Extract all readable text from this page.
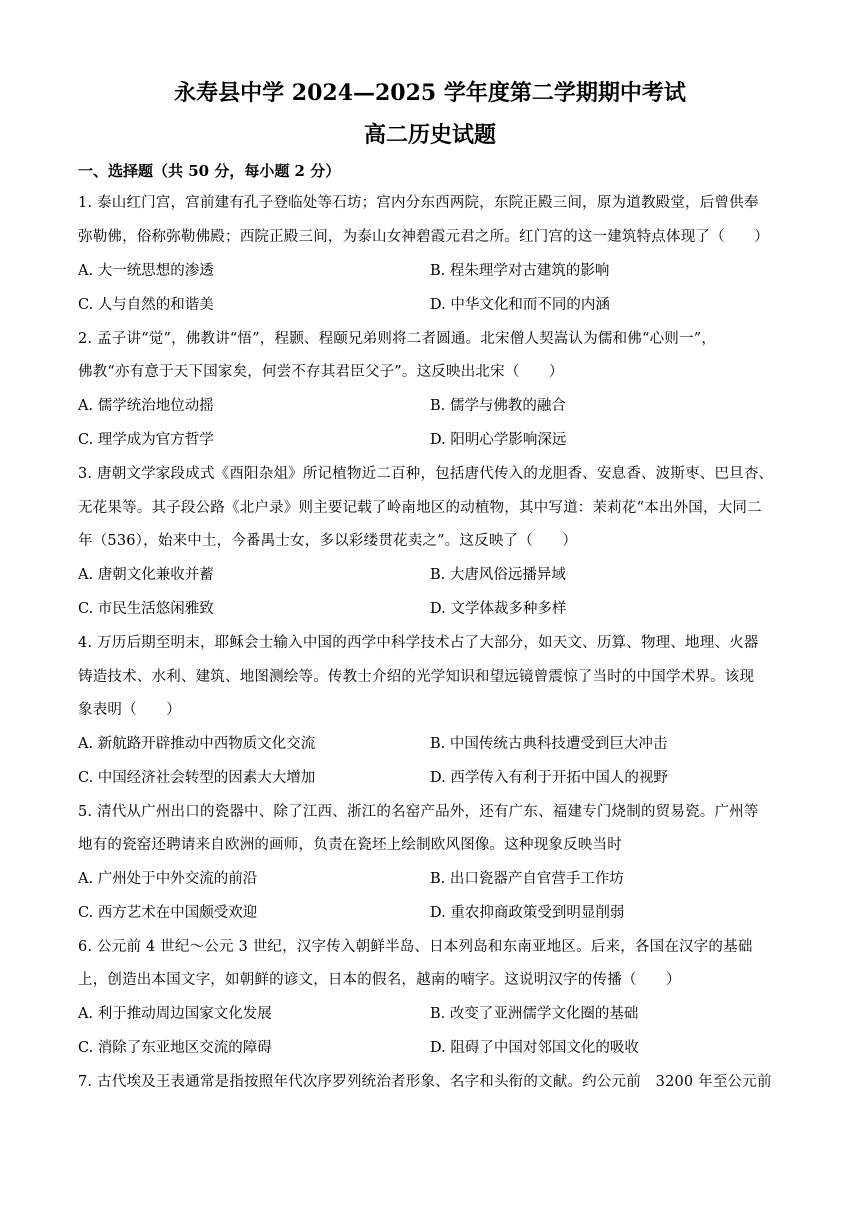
永寿县中学 2024—2025 学年度第二学期期中考试
高二历史试题
一、选择题（共 50 分，每小题 2 分）
1. 泰山红门宫，宫前建有孔子登临处等石坊；宫内分东西两院，东院正殿三间，原为道教殿堂，后曾供奉
弥勒佛，俗称弥勒佛殿；西院正殿三间，为泰山女神碧霞元君之所。红门宫的这一建筑特点体现了（　　）
A. 大一统思想的渗透	B. 程朱理学对古建筑的影响
C. 人与自然的和谐美	D. 中华文化和而不同的内涵
2. 孟子讲“觉”，佛教讲“悟”，程颢、程颐兄弟则将二者圆通。北宋僧人契嵩认为儒和佛“心则一”，
佛教“亦有意于天下国家矣，何尝不存其君臣父子”。这反映出北宋（　　）
A. 儒学统治地位动摇	B. 儒学与佛教的融合
C. 理学成为官方哲学	D. 阳明心学影响深远
3. 唐朝文学家段成式《酉阳杂俎》所记植物近二百种，包括唐代传入的龙胆香、安息香、波斯枣、巴旦杏、
无花果等。其子段公路《北户录》则主要记载了岭南地区的动植物，其中写道：茉莉花“本出外国，大同二
年（536），始来中土，今番禺士女，多以彩缕贯花卖之”。这反映了（　　）
A. 唐朝文化兼收并蓄	B. 大唐风俗远播异域
C. 市民生活悠闲雅致	D. 文学体裁多种多样
4. 万历后期至明末，耶稣会士输入中国的西学中科学技术占了大部分，如天文、历算、物理、地理、火器
铸造技术、水利、建筑、地图测绘等。传教士介绍的光学知识和望远镜曾震惊了当时的中国学术界。该现
象表明（　　）
A. 新航路开辟推动中西物质文化交流	B. 中国传统古典科技遭受到巨大冲击
C. 中国经济社会转型的因素大大增加	D. 西学传入有利于开拓中国人的视野
5. 清代从广州出口的瓷器中、除了江西、浙江的名窑产品外，还有广东、福建专门烧制的贸易瓷。广州等
地有的瓷窑还聘请来自欧洲的画师，负责在瓷坯上绘制欧风图像。这种现象反映当时
A. 广州处于中外交流的前沿	B. 出口瓷器产自官营手工作坊
C. 西方艺术在中国颇受欢迎	D. 重农抑商政策受到明显削弱
6. 公元前 4 世纪～公元 3 世纪，汉字传入朝鲜半岛、日本列岛和东南亚地区。后来，各国在汉字的基础
上，创造出本国文字，如朝鲜的谚文，日本的假名，越南的喃字。这说明汉字的传播（　　）
A. 利于推动周边国家文化发展	B. 改变了亚洲儒学文化圈的基础
C. 消除了东亚地区交流的障碍	D. 阻碍了中国对邻国文化的吸收
7. 古代埃及王表通常是指按照年代次序罗列统治者形象、名字和头衔的文献。约公元前　3200 年至公元前
